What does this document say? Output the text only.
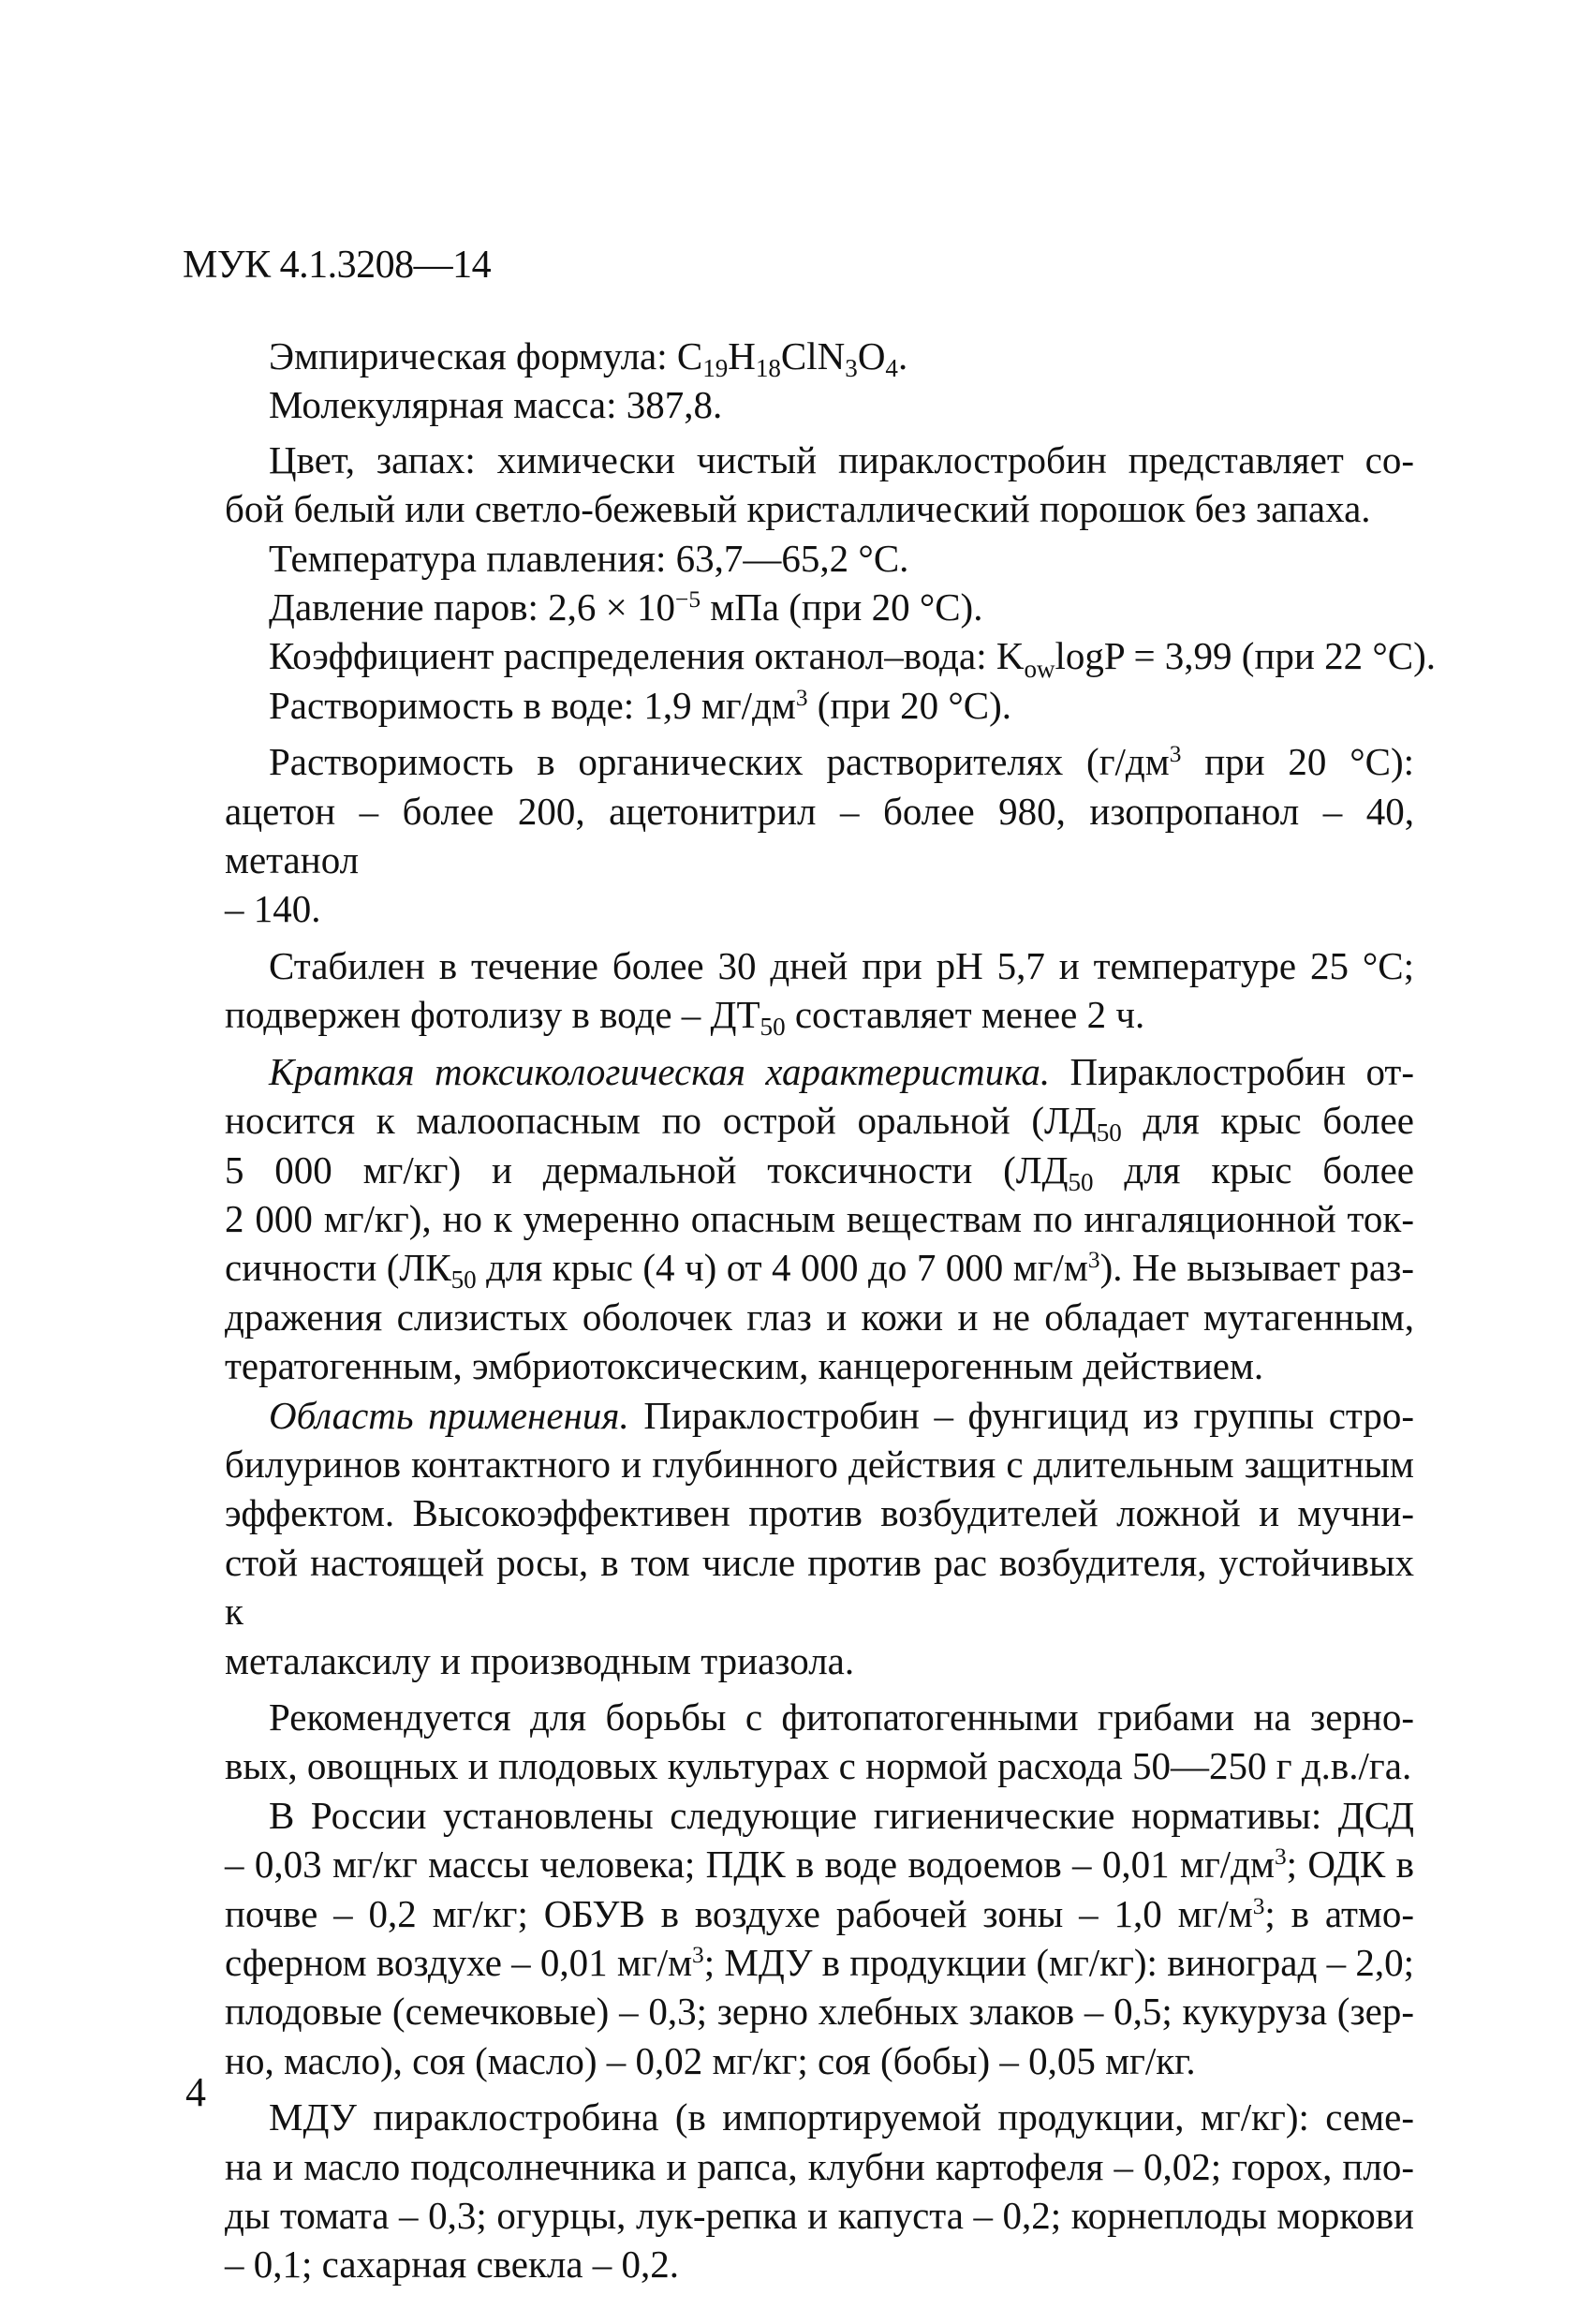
МУК 4.1.3208—14

Эмпирическая формула: $C_{19}H_{18}ClN_3O_4$.

Молекулярная масса: 387,8.

Цвет, запах: химически чистый пираклостробин представляет со-
бой белый или светло-бежевый кристаллический порошок без запаха.

Температура плавления: 63,7—65,2 °С.

Давление паров: $2,6 \times 10^{-5}$ мПа (при 20 °С).

Коэффициент распределения октанол–вода: $K_{ow}\log P = 3,99$ (при 22 °С).

Растворимость в воде: 1,9 $мг/дм^3$ (при 20 °С).

Растворимость в органических растворителях ($г/дм^3$ при 20 °С):
ацетон – более 200, ацетонитрил – более 980, изопропанол – 40, метанол
– 140.
Стабилен в течение более 30 дней при рН 5,7 и температуре 25 °С;
подвержен фотолизу в воде – $ДТ_{50}$ составляет менее 2 ч.
Краткая токсикологическая характеристика. Пираклостробин от-
носится к малоопасным по острой оральной ($ЛД_{50}$ для крыс более
5 000 мг/кг) и дермальной токсичности ($ЛД_{50}$ для крыс более
2 000 мг/кг), но к умеренно опасным веществам по ингаляционной ток-
сичности ($ЛК_{50}$ для крыс (4 ч) от 4 000 до 7 000 $мг/м^3$). Не вызывает раз-
дражения слизистых оболочек глаз и кожи и не обладает мутагенным,
тератогенным, эмбриотоксическим, канцерогенным действием.
Область применения. Пираклостробин – фунгицид из группы стро-
билуринов контактного и глубинного действия с длительным защитным
эффектом. Высокоэффективен против возбудителей ложной и мучни-
стой настоящей росы, в том числе против рас возбудителя, устойчивых к
металаксилу и производным триазола.
Рекомендуется для борьбы с фитопатогенными грибами на зерно-
вых, овощных и плодовых культурах с нормой расхода 50—250 г д.в./га.
В России установлены следующие гигиенические нормативы: ДСД
– 0,03 мг/кг массы человека; ПДК в воде водоемов – 0,01 $мг/дм^3$; ОДК в
почве – 0,2 мг/кг; ОБУВ в воздухе рабочей зоны – 1,0 $мг/м^3$; в атмо-
сферном воздухе – 0,01 $мг/м^3$; МДУ в продукции (мг/кг): виноград – 2,0;
плодовые (семечковые) – 0,3; зерно хлебных злаков – 0,5; кукуруза (зер-
но, масло), соя (масло) – 0,02 мг/кг; соя (бобы) – 0,05 мг/кг.
МДУ пираклостробина (в импортируемой продукции, мг/кг): семе-
на и масло подсолнечника и рапса, клубни картофеля – 0,02; горох, пло-
ды томата – 0,3; огурцы, лук-репка и капуста – 0,2; корнеплоды моркови
– 0,1; сахарная свекла – 0,2.
4
